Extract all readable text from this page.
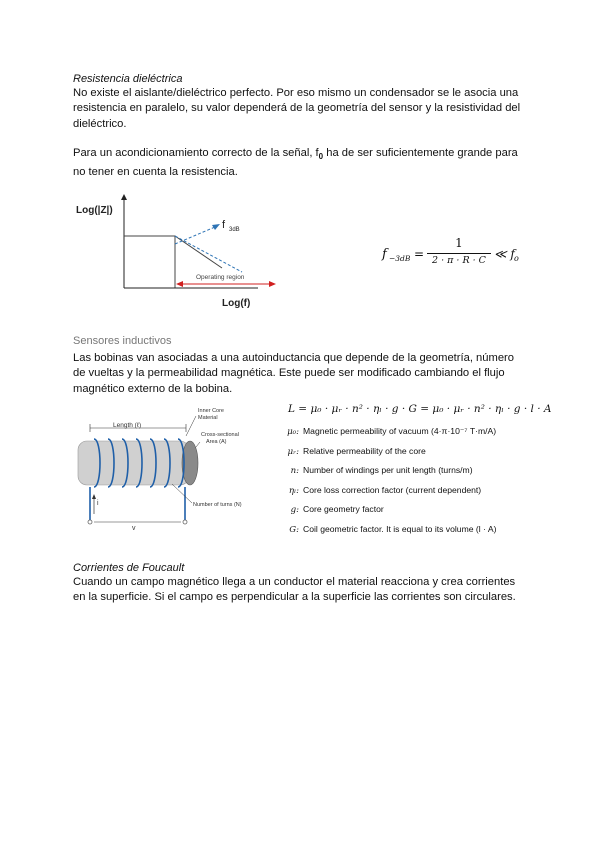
Resistencia dieléctrica
No existe el aislante/dieléctrico perfecto. Por eso mismo un condensador se le asocia una resistencia en paralelo, su valor dependerá de la geometría del sensor y la resistividad del dieléctrico.
Para un acondicionamiento correcto de la señal, $f_0$ ha de ser suficientemente grande para no tener en cuenta la resistencia.
Log(|Z|)
f 3dB
Operating region
Log(f)
f −3dB =
1
2 · π · R · C ≪ f o
Sensores inductivos
Las bobinas van asociadas a una autoinductancia que depende de la geometría, número de vueltas y la permeabilidad magnética. Este puede ser modificado cambiando el flujo magnético externo de la bobina.
Length (ℓ)
Inner Core
Material
Cross-sectional
Area (A)
Number of turns (N)
i
v
L = μ₀ · μᵣ · n² · ηₗ · g · G = μ₀ · μᵣ · n² · ηₗ · g · l · A
μ₀: Magnetic permeability of vacuum (4·π·10⁻⁷ T·m/A)
μᵣ: Relative permeability of the core
n: Number of windings per unit length (turns/m)
ηₗ: Core loss correction factor (current dependent)
g: Core geometry factor
G: Coil geometric factor. It is equal to its volume (l · A)
Corrientes de Foucault
Cuando un campo magnético llega a un conductor el material reacciona y crea corrientes en la superficie. Si el campo es perpendicular a la superficie las corrientes son circulares.
